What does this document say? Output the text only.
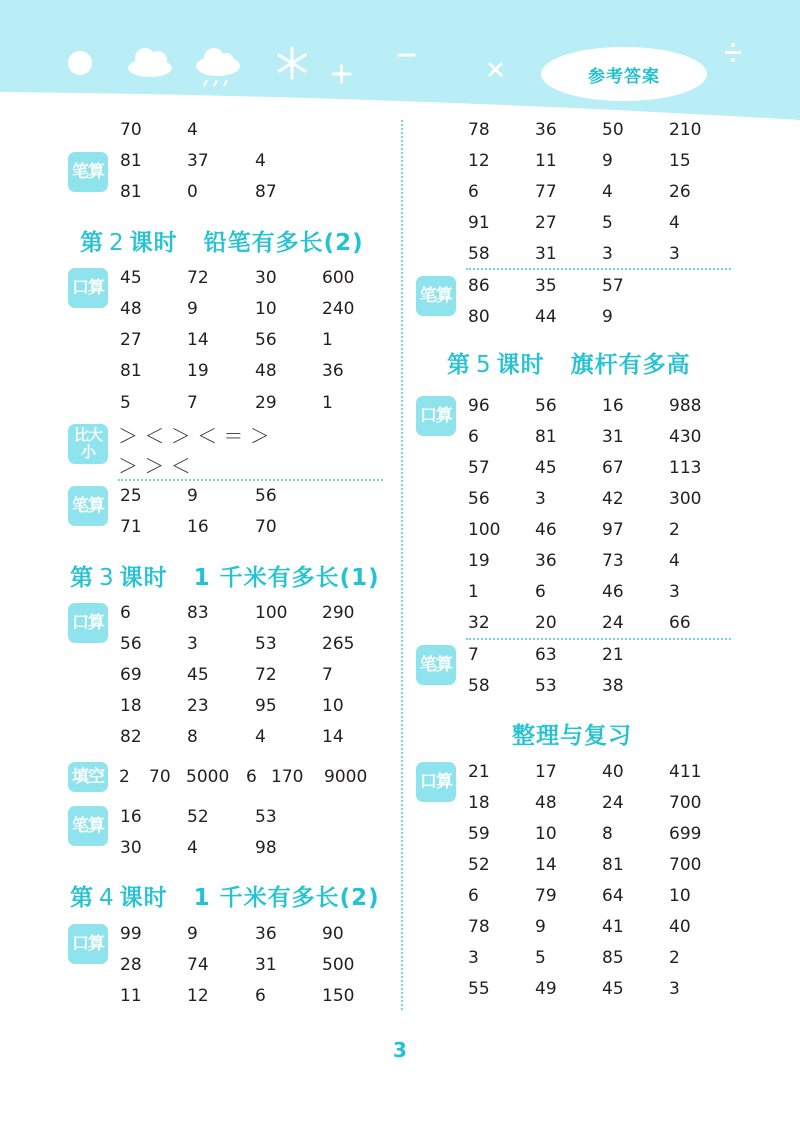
参考答案
70	4
笔算
81	37	4
81	0	87
第 2 课时 铅笔有多长(2)
口算 45	72	30	600
48	9	10	240
27	14	56	1
81	19	48	36
5	7	29	1
比大小
＞ ＜ ＞ ＜ ＝ ＞
＞ ＞ ＜
笔算 25	9	56
71	16	70
第 3 课时 1 千米有多长(1)
口算 6	83	100 290
56	3	53	265
69	45	72	7
18	23	95	10
82	8	4	14
填空 2 70 5000 6 170 9000
笔算 16	52	53
30	4	98
第 4 课时 1 千米有多长(2)
口算 99	9	36	90
28	74	31	500
11	12	6	150
78	36	50	210
12	11	9	15
6	77	4	26
91	27	5	4
58	31	3	3
笔算 86	35	57
80	44	9
第 5 课时 旗杆有多高
口算 96	56	16	988
6	81	31	430
57	45	67	113
56	3	42	300
100 46	97	2
19	36	73	4
1	6	46	3
32	20	24	66
笔算 7	63	21
58	53	38
整理与复习
口算 21	17	40	411
18	48	24	700
59	10	8	699
52	14	81	700
6	79	64	10
78	9	41	40
3	5	85	2
55	49	45	3
3
